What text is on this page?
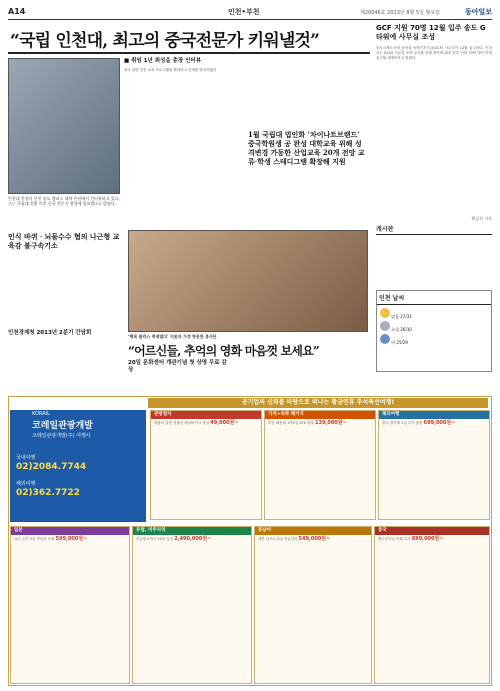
A14	인천•부천	제20046호 2013년 8월 5일 월요일	동아일보
“국립 인천대, 최고의 중국전문가 키워낼것”
인천대 총장이 인천 송도 캠퍼스 대학 본관에서 인터뷰하고 있다. 그는 국립대 전환 이후 중국 전문가 양성에 힘쓰겠다고 밝혔다.
■ 취임 1년 최성을 총장 인터뷰
중국 관련 전문 교육 프로그램을 확대하고 인재를 양성하겠다
1월 국립대 법인화 ‘차이나트브랜드’ 중국학원생 공 완성 대학교육 위해 성격변경 가동한 산업교육 20개 전망 교류·학생 스테디그램 확장해 지원
GCF 지원 70명 12월 입주 송도 G타워에 사무실 조성
송도국제도시에 들어설 녹색기후기금(GCF) 사무국이 12월 입주한다. 인천시는 G타워 사무실 조성 공사를 진행 중이며 GCF 본부 인력 70여 명이 연내 입주할 예정이라고 밝혔다.
황금천 기자
인식 바퀴‧뇌물수수 혐의 나근형 교육감 불구속기소
인천경제청 2013년 2분기 간담회
‘행복 플러스 축제열다’ 지원자 가정 방문한 봉사단
“어르신들, 추억의 영화 마음껏 보세요”
20일 문화센터 개관기념 첫 상영 무료 감상
게시판
인천 날씨
맑음 27/31
흐림 26/30
비 25/29
공기업의 신뢰를 바탕으로 떠나는 황금연휴 추석특선여행!
코레일관광개발
KORAIL
코레일관광개발(주) 여행사
국내여행
02)2084.7744
해외여행
02)362.7722
관광열차
청량리 출발 경춘선 레일바이크 당일 49,000원~
기차+숙박 패키지
부산 해운대 1박2일 KTX 왕복 139,000원~
해외여행
중국 장가계 5일 특가 출발 699,000원~
일본
큐슈 온천 3일 전일정 포함 599,000원~
유럽, 미주지역
서유럽 4개국 10일 일정 2,490,000원~
동남아
세부 리조트 5일 자유일정 549,000원~
중국
백두산 5일 산행 특가 899,000원~
